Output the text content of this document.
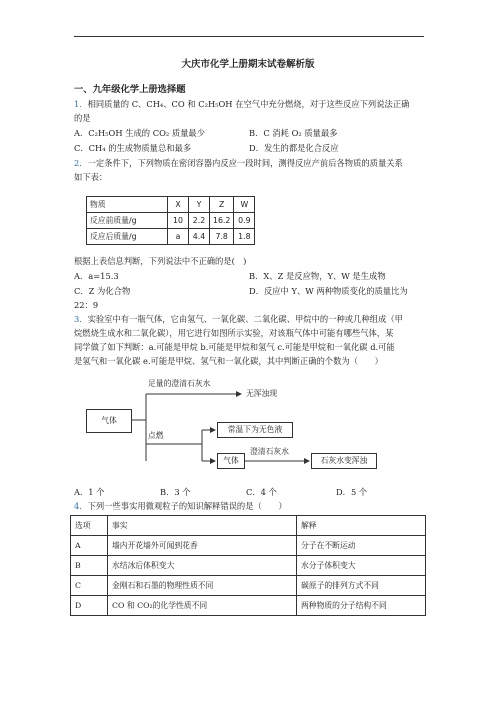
大庆市化学上册期末试卷解析版
一、九年级化学上册选择题
1．相同质量的 C、CH₄、CO 和 C₂H₅OH 在空气中充分燃烧，对于这些反应下列说法正确
的是
A．C₂H₅OH 生成的 CO₂ 质量最少	B．C 消耗 O₂ 质量最多
C．CH₄ 的生成物质量总和最多	D．发生的都是化合反应
2．一定条件下，下列物质在密闭容器内反应一段时间，测得反应产前后各物质的质量关系
如下表：
物质	X	Y	Z	W
反应前质量/g	10	2.2	16.2	0.9
反应后质量/g	a	4.4	7.8	1.8
根据上表信息判断，下列说法中不正确的是(　)
A．a=15.3	B．X、Z 是反应物，Y、W 是生成物
C．Z 为化合物	D．反应中 Y、W 两种物质变化的质量比为
22：9
3．实验室中有一瓶气体，它由氢气、一氧化碳、二氧化碳、甲烷中的一种或几种组成（甲
烷燃烧生成水和二氧化碳），用它进行如图所示实验，对该瓶气体中可能有哪些气体，某
同学做了如下判断：a.可能是甲烷 b.可能是甲烷和氢气 c.可能是甲烷和一氧化碳 d.可能
是氢气和一氧化碳 e.可能是甲烷、氢气和一氧化碳，其中判断正确的个数为（　　）
气体
足量的澄清石灰水
无浑浊现
点燃
常温下为无色液
气体
澄清石灰水
石灰水变浑浊
A．1 个	B．3 个	C．4 个	D．5 个
4．下列一些事实用微观粒子的知识解释错误的是（　　）
选项	事实	解释
A	墙内开花墙外可闻到花香	分子在不断运动
B	水结冰后体积变大	水分子体积变大
C	金刚石和石墨的物理性质不同	碳原子的排列方式不同
D	CO 和 CO₂的化学性质不同	两种物质的分子结构不同
